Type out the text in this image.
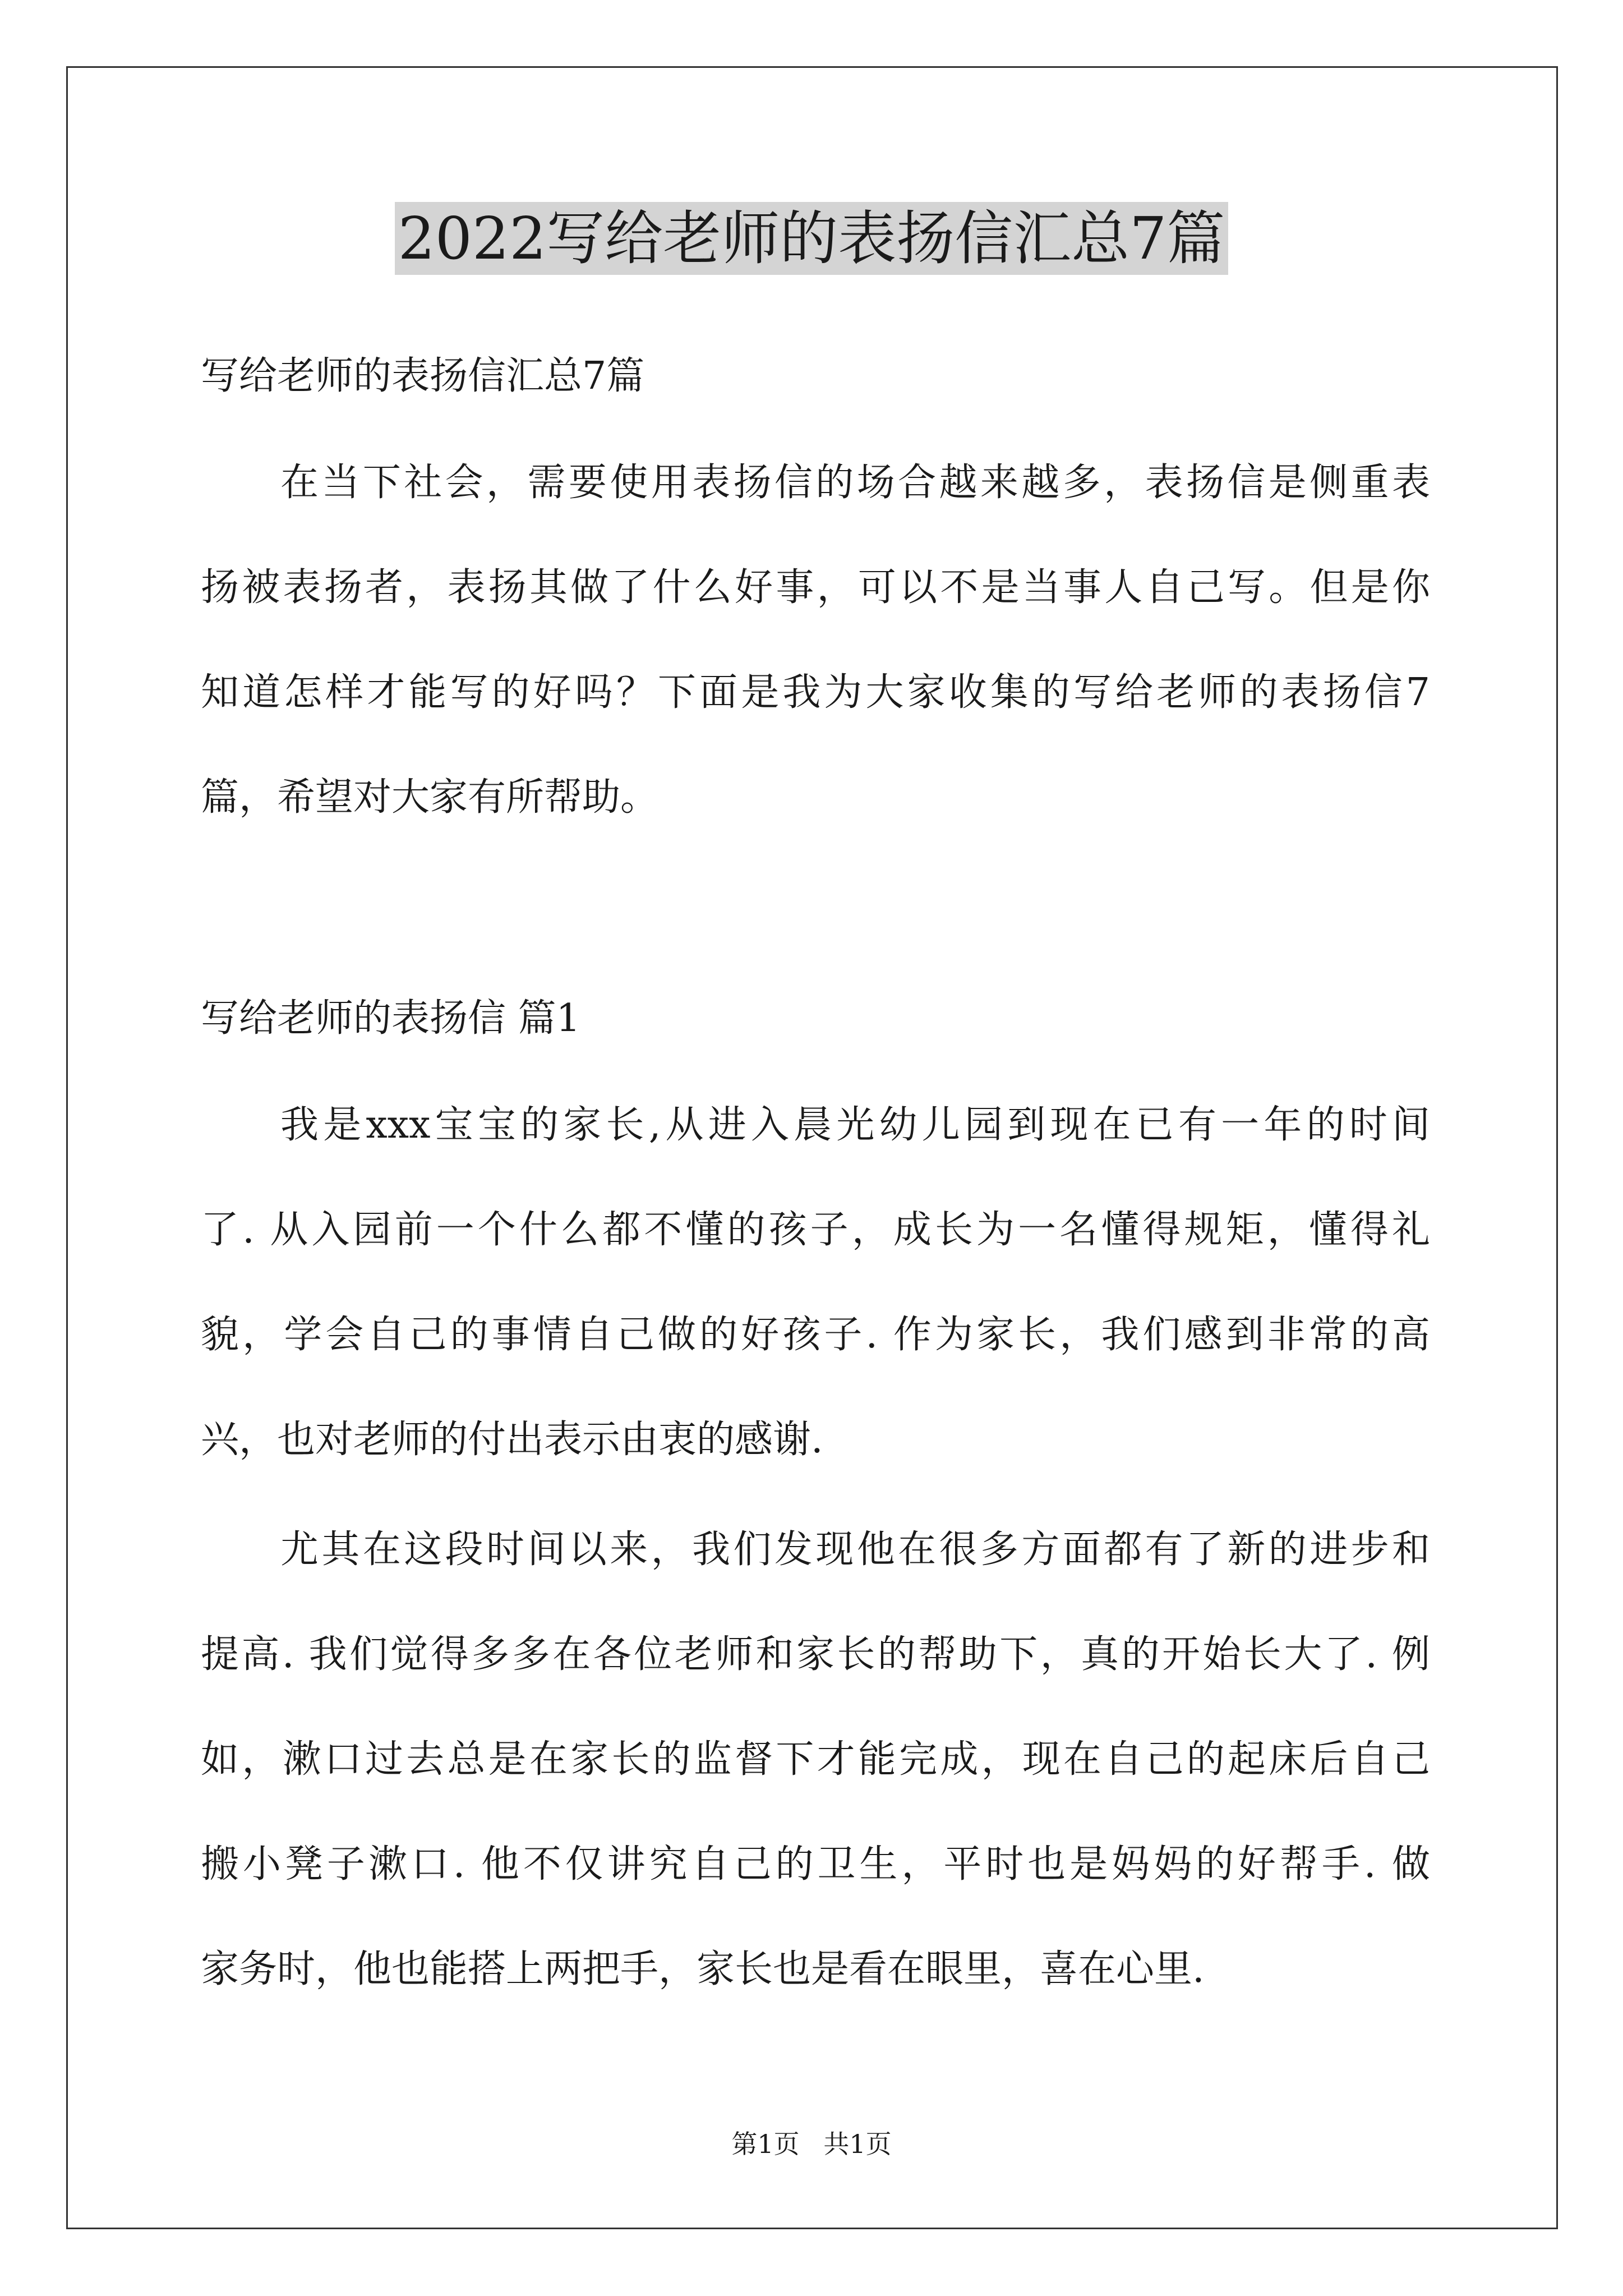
2022写给老师的表扬信汇总7篇

写给老师的表扬信汇总7篇

在当下社会，需要使用表扬信的场合越来越多，表扬信是侧重表

扬被表扬者，表扬其做了什么好事，可以不是当事人自己写。但是你

知道怎样才能写的好吗？下面是我为大家收集的写给老师的表扬信7

篇，希望对大家有所帮助。

写给老师的表扬信 篇1

我是xxx宝宝的家长,从进入晨光幼儿园到现在已有一年的时间

了. 从入园前一个什么都不懂的孩子，成长为一名懂得规矩，懂得礼

貌，学会自己的事情自己做的好孩子. 作为家长，我们感到非常的高

兴，也对老师的付出表示由衷的感谢.

尤其在这段时间以来，我们发现他在很多方面都有了新的进步和

提高. 我们觉得多多在各位老师和家长的帮助下，真的开始长大了. 例

如，漱口过去总是在家长的监督下才能完成，现在自己的起床后自己

搬小凳子漱口. 他不仅讲究自己的卫生，平时也是妈妈的好帮手. 做

家务时，他也能搭上两把手，家长也是看在眼里，喜在心里.

第1页 共1页
